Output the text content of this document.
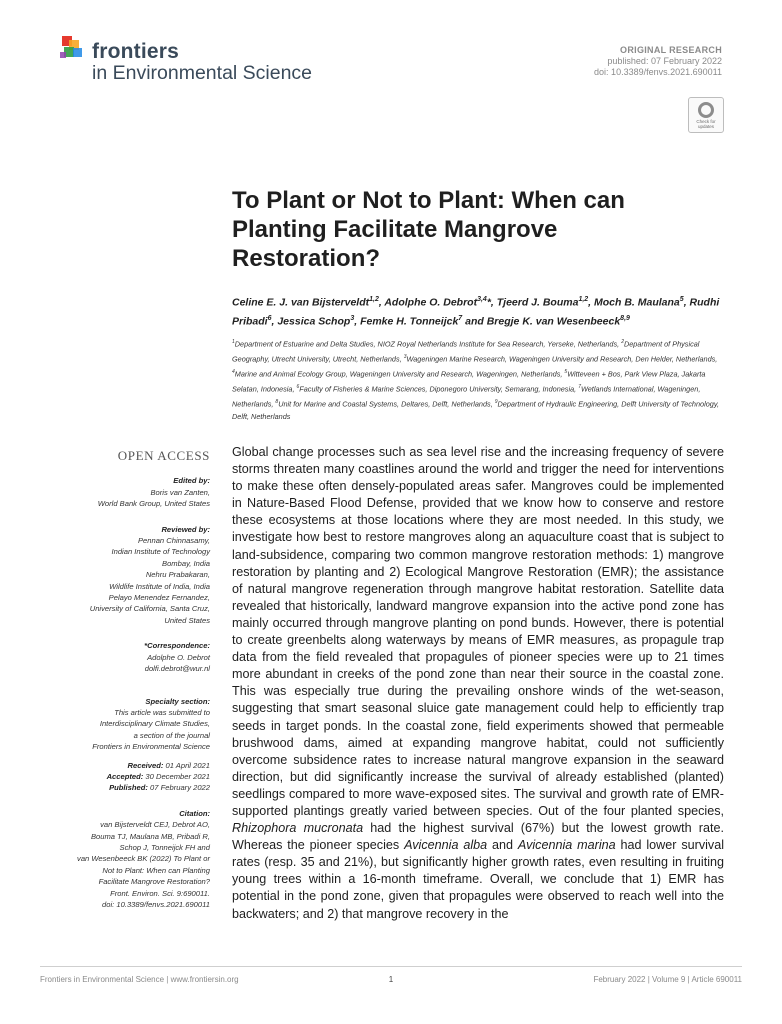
frontiers
in Environmental Science
ORIGINAL RESEARCH
published: 07 February 2022
doi: 10.3389/fenvs.2021.690011
Check for updates
To Plant or Not to Plant: When can Planting Facilitate Mangrove Restoration?
Celine E. J. van Bijsterveldt$^{1,2}$, Adolphe O. Debrot$^{3,4}$*, Tjeerd J. Bouma$^{1,2}$, Moch B. Maulana$^5$, Rudhi Pribadi$^6$, Jessica Schop$^3$, Femke H. Tonneijck$^7$ and Bregje K. van Wesenbeeck$^{8,9}$
$^1$Department of Estuarine and Delta Studies, NIOZ Royal Netherlands Institute for Sea Research, Yerseke, Netherlands, $^2$Department of Physical Geography, Utrecht University, Utrecht, Netherlands, $^3$Wageningen Marine Research, Wageningen University and Research, Den Helder, Netherlands, $^4$Marine and Animal Ecology Group, Wageningen University and Research, Wageningen, Netherlands, $^5$Witteveen + Bos, Park View Plaza, Jakarta Selatan, Indonesia, $^6$Faculty of Fisheries & Marine Sciences, Diponegoro University, Semarang, Indonesia, $^7$Wetlands International, Wageningen, Netherlands, $^8$Unit for Marine and Coastal Systems, Deltares, Delft, Netherlands, $^9$Department of Hydraulic Engineering, Delft University of Technology, Delft, Netherlands
OPEN ACCESS
Edited by:
Boris van Zanten,
World Bank Group, United States
Reviewed by:
Pennan Chinnasamy,
Indian Institute of Technology
Bombay, India
Nehru Prabakaran,
Wildlife Institute of India, India
Pelayo Menendez Fernandez,
University of California, Santa Cruz,
United States
*Correspondence:
Adolphe O. Debrot
dolfi.debrot@wur.nl
Specialty section:
This article was submitted to
Interdisciplinary Climate Studies,
a section of the journal
Frontiers in Environmental Science
Received: 01 April 2021
Accepted: 30 December 2021
Published: 07 February 2022
Citation:
van Bijsterveldt CEJ, Debrot AO,
Bouma TJ, Maulana MB, Pribadi R,
Schop J, Tonneijck FH and
van Wesenbeeck BK (2022) To Plant or
Not to Plant: When can Planting
Facilitate Mangrove Restoration?
Front. Environ. Sci. 9:690011.
doi: 10.3389/fenvs.2021.690011
Global change processes such as sea level rise and the increasing frequency of severe storms threaten many coastlines around the world and trigger the need for interventions to make these often densely-populated areas safer. Mangroves could be implemented in Nature-Based Flood Defense, provided that we know how to conserve and restore these ecosystems at those locations where they are most needed. In this study, we investigate how best to restore mangroves along an aquaculture coast that is subject to land-subsidence, comparing two common mangrove restoration methods: 1) mangrove restoration by planting and 2) Ecological Mangrove Restoration (EMR); the assistance of natural mangrove regeneration through mangrove habitat restoration. Satellite data revealed that historically, landward mangrove expansion into the active pond zone has mainly occurred through mangrove planting on pond bunds. However, there is potential to create greenbelts along waterways by means of EMR measures, as propagule trap data from the field revealed that propagules of pioneer species were up to 21 times more abundant in creeks of the pond zone than near their source in the coastal zone. This was especially true during the prevailing onshore winds of the wet-season, suggesting that smart seasonal sluice gate management could help to efficiently trap seeds in target ponds. In the coastal zone, field experiments showed that permeable brushwood dams, aimed at expanding mangrove habitat, could not sufficiently overcome subsidence rates to increase natural mangrove expansion in the seaward direction, but did significantly increase the survival of already established (planted) seedlings compared to more wave-exposed sites. The survival and growth rate of EMR-supported plantings greatly varied between species. Out of the four planted species, Rhizophora mucronata had the highest survival (67%) but the lowest growth rate. Whereas the pioneer species Avicennia alba and Avicennia marina had lower survival rates (resp. 35 and 21%), but significantly higher growth rates, even resulting in fruiting young trees within a 16-month timeframe. Overall, we conclude that 1) EMR has potential in the pond zone, given that propagules were observed to reach well into the backwaters; and 2) that mangrove recovery in the
Frontiers in Environmental Science | www.frontiersin.org	1	February 2022 | Volume 9 | Article 690011
